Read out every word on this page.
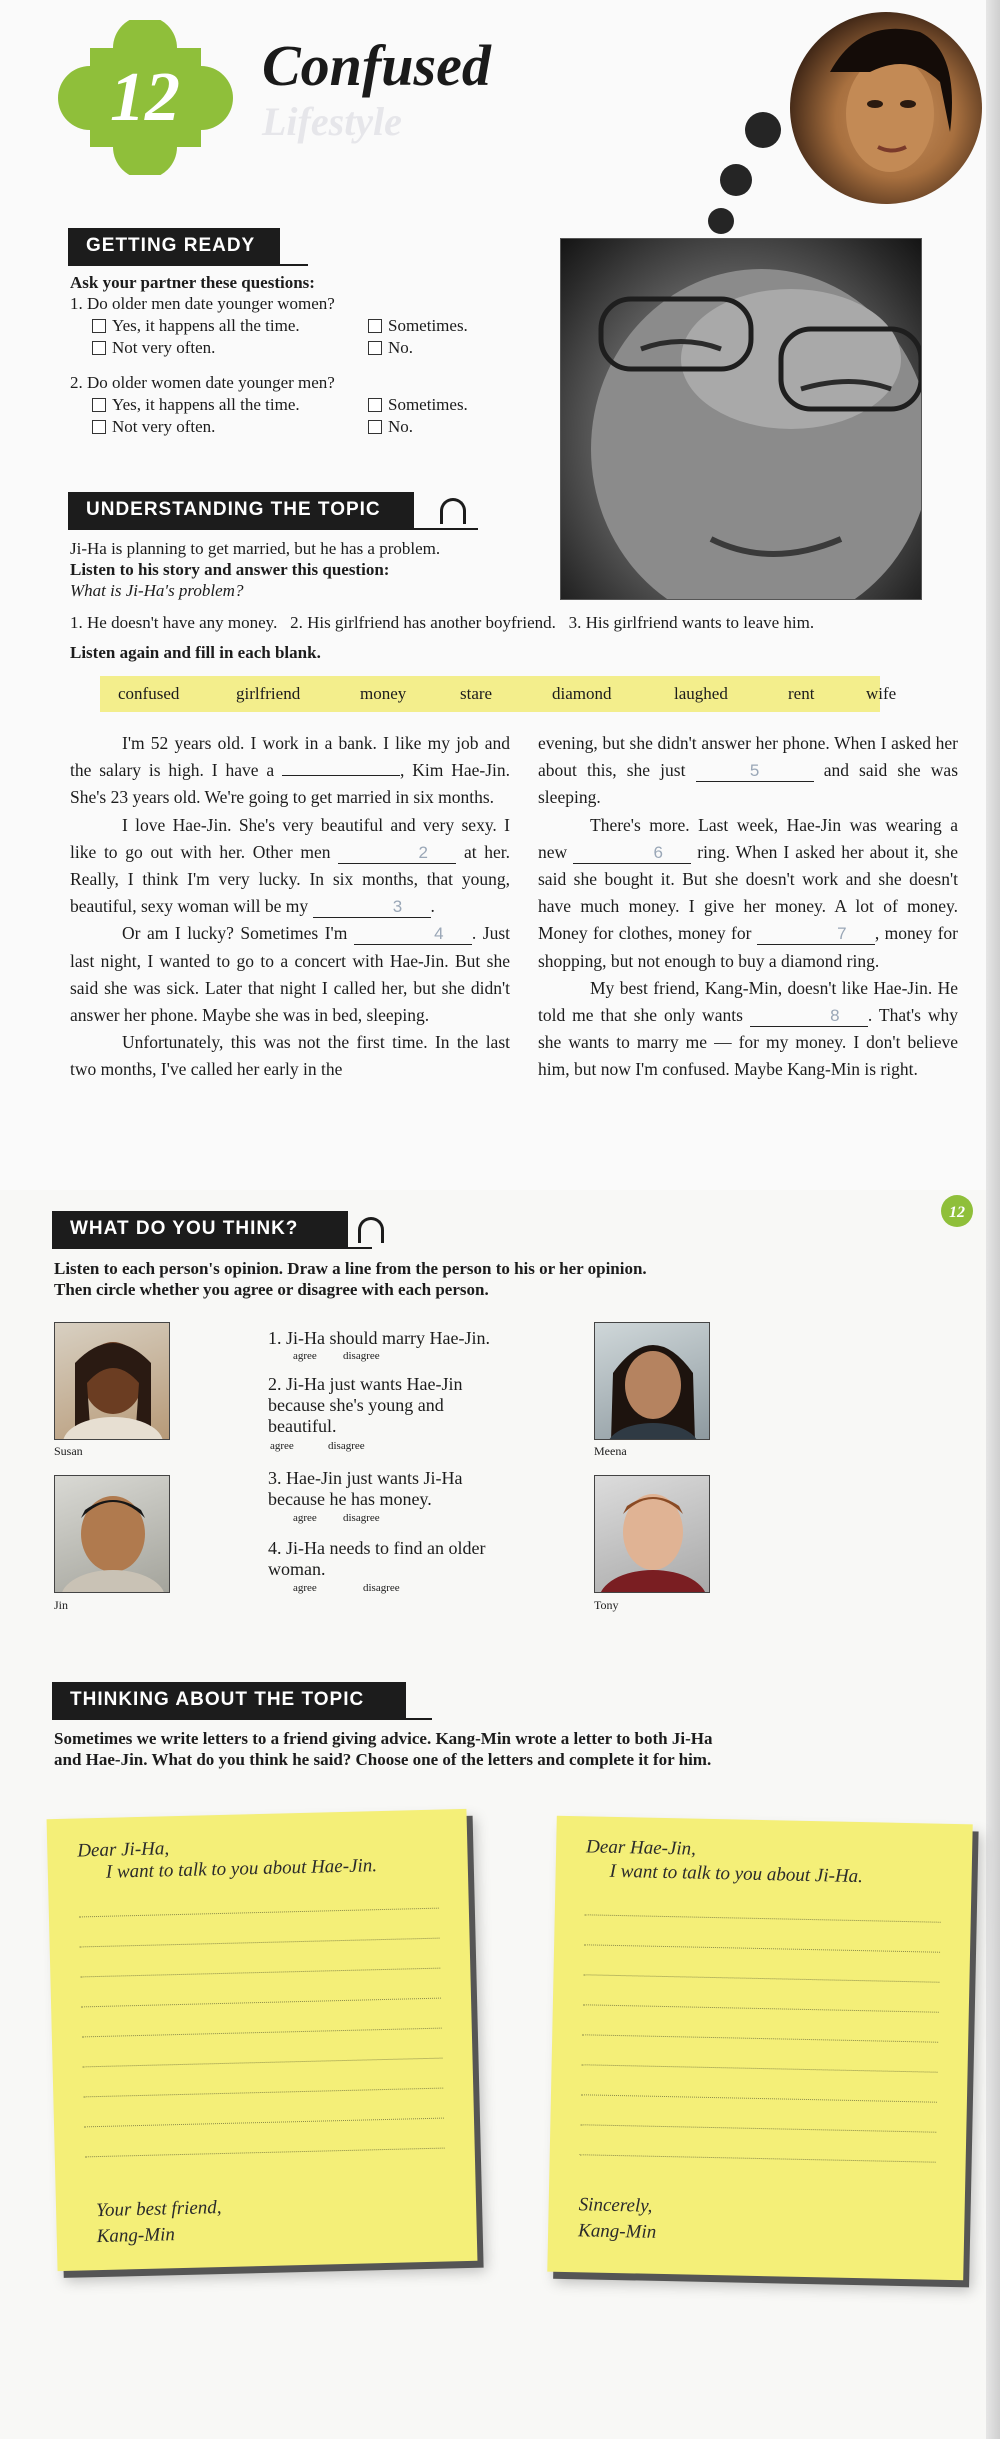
12 Lifestyle
Confused
GETTING READY
Ask your partner these questions:
1. Do older men date younger women?
Yes, it happens all the time.	Sometimes.
Not very often.	No.
2. Do older women date younger men?
Yes, it happens all the time.	Sometimes.
Not very often.	No.
UNDERSTANDING THE TOPIC
Ji-Ha is planning to get married, but he has a problem.
Listen to his story and answer this question:
What is Ji-Ha's problem?
1. He doesn't have any money.   2. His girlfriend has another boyfriend.   3. His girlfriend wants to leave him.
Listen again and fill in each blank.
confused	girlfriend	money	stare	diamond	laughed	rent	wife

I'm 52 years old. I work in a bank. I like my job and the salary is high. I have a	, Kim Hae-Jin. She's 23 years old. We're going to get married in six months.

I love Hae-Jin. She's very beautiful and very sexy. I like to go out with her. Other men	2 at her. Really, I think I'm very lucky. In six months, that young, beautiful, sexy woman will be my	3 .

Or am I lucky? Sometimes I'm	4 . Just last night, I wanted to go to a concert with Hae-Jin. But she said she was sick. Later that night I called her, but she didn't answer her phone. Maybe she was in bed, sleeping.

Unfortunately, this was not the first time. In the last two months, I've called her early in the

evening, but she didn't answer her phone. When I asked her about this, she just	5	and said she was sleeping.

There's more. Last week, Hae-Jin was wearing a new	6 ring. When I asked her about it, she said she bought it. But she doesn't work and she doesn't have much money. I give her money. A lot of money. Money for clothes, money for	7 , money for shopping, but not enough to buy a diamond ring.

My best friend, Kang-Min, doesn't like Hae-Jin. He told me that she only wants	8 . That's why she wants to marry me — for my money. I don't believe him, but now I'm confused. Maybe Kang-Min is right.

12
WHAT DO YOU THINK?
Listen to each person's opinion. Draw a line from the person to his or her opinion.
Then circle whether you agree or disagree with each person.
Susan
Jin
Meena
Tony
1. Ji-Ha should marry Hae-Jin.
agree disagree
2. Ji-Ha just wants Hae-Jin because she's young and beautiful.
agree	disagree
3. Hae-Jin just wants Ji-Ha because he has money.
agree disagree
4. Ji-Ha needs to find an older woman.
agree	disagree
THINKING ABOUT THE TOPIC
Sometimes we write letters to a friend giving advice. Kang-Min wrote a letter to both Ji-Ha
and Hae-Jin. What do you think he said? Choose one of the letters and complete it for him.
Dear Ji-Ha,
I want to talk to you about Hae-Jin.
Your best friend,
Kang-Min
Dear Hae-Jin,
I want to talk to you about Ji-Ha.
Sincerely,
Kang-Min
